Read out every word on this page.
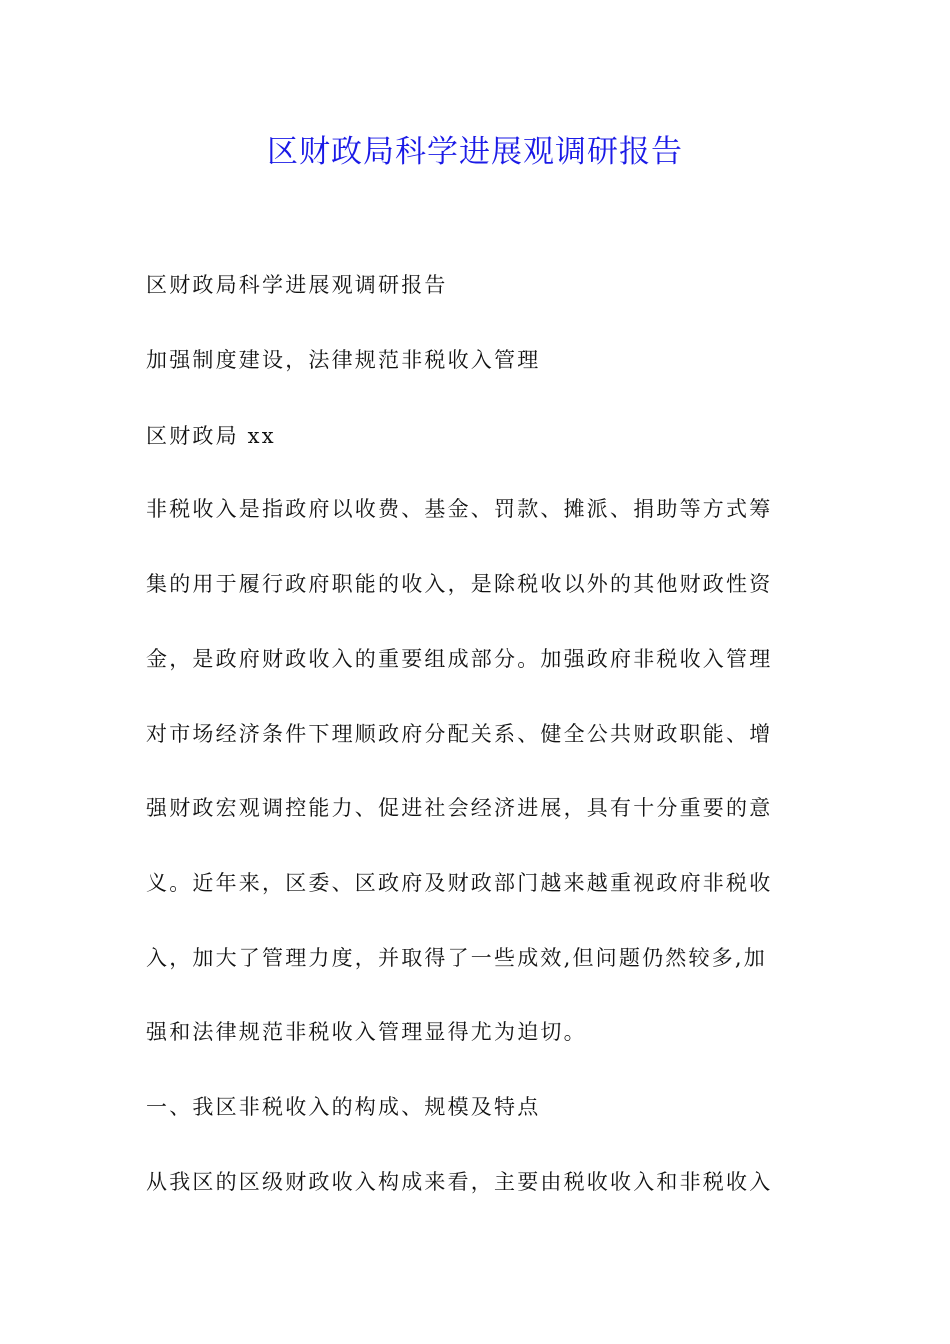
区财政局科学进展观调研报告
区财政局科学进展观调研报告
加强制度建设，法律规范非税收入管理
区财政局 xx
非税收入是指政府以收费、基金、罚款、摊派、捐助等方式筹
集的用于履行政府职能的收入，是除税收以外的其他财政性资
金，是政府财政收入的重要组成部分。加强政府非税收入管理
对市场经济条件下理顺政府分配关系、健全公共财政职能、增
强财政宏观调控能力、促进社会经济进展，具有十分重要的意
义。近年来，区委、区政府及财政部门越来越重视政府非税收
入，加大了管理力度，并取得了一些成效,但问题仍然较多,加
强和法律规范非税收入管理显得尤为迫切。
一、我区非税收入的构成、规模及特点
从我区的区级财政收入构成来看，主要由税收收入和非税收入
